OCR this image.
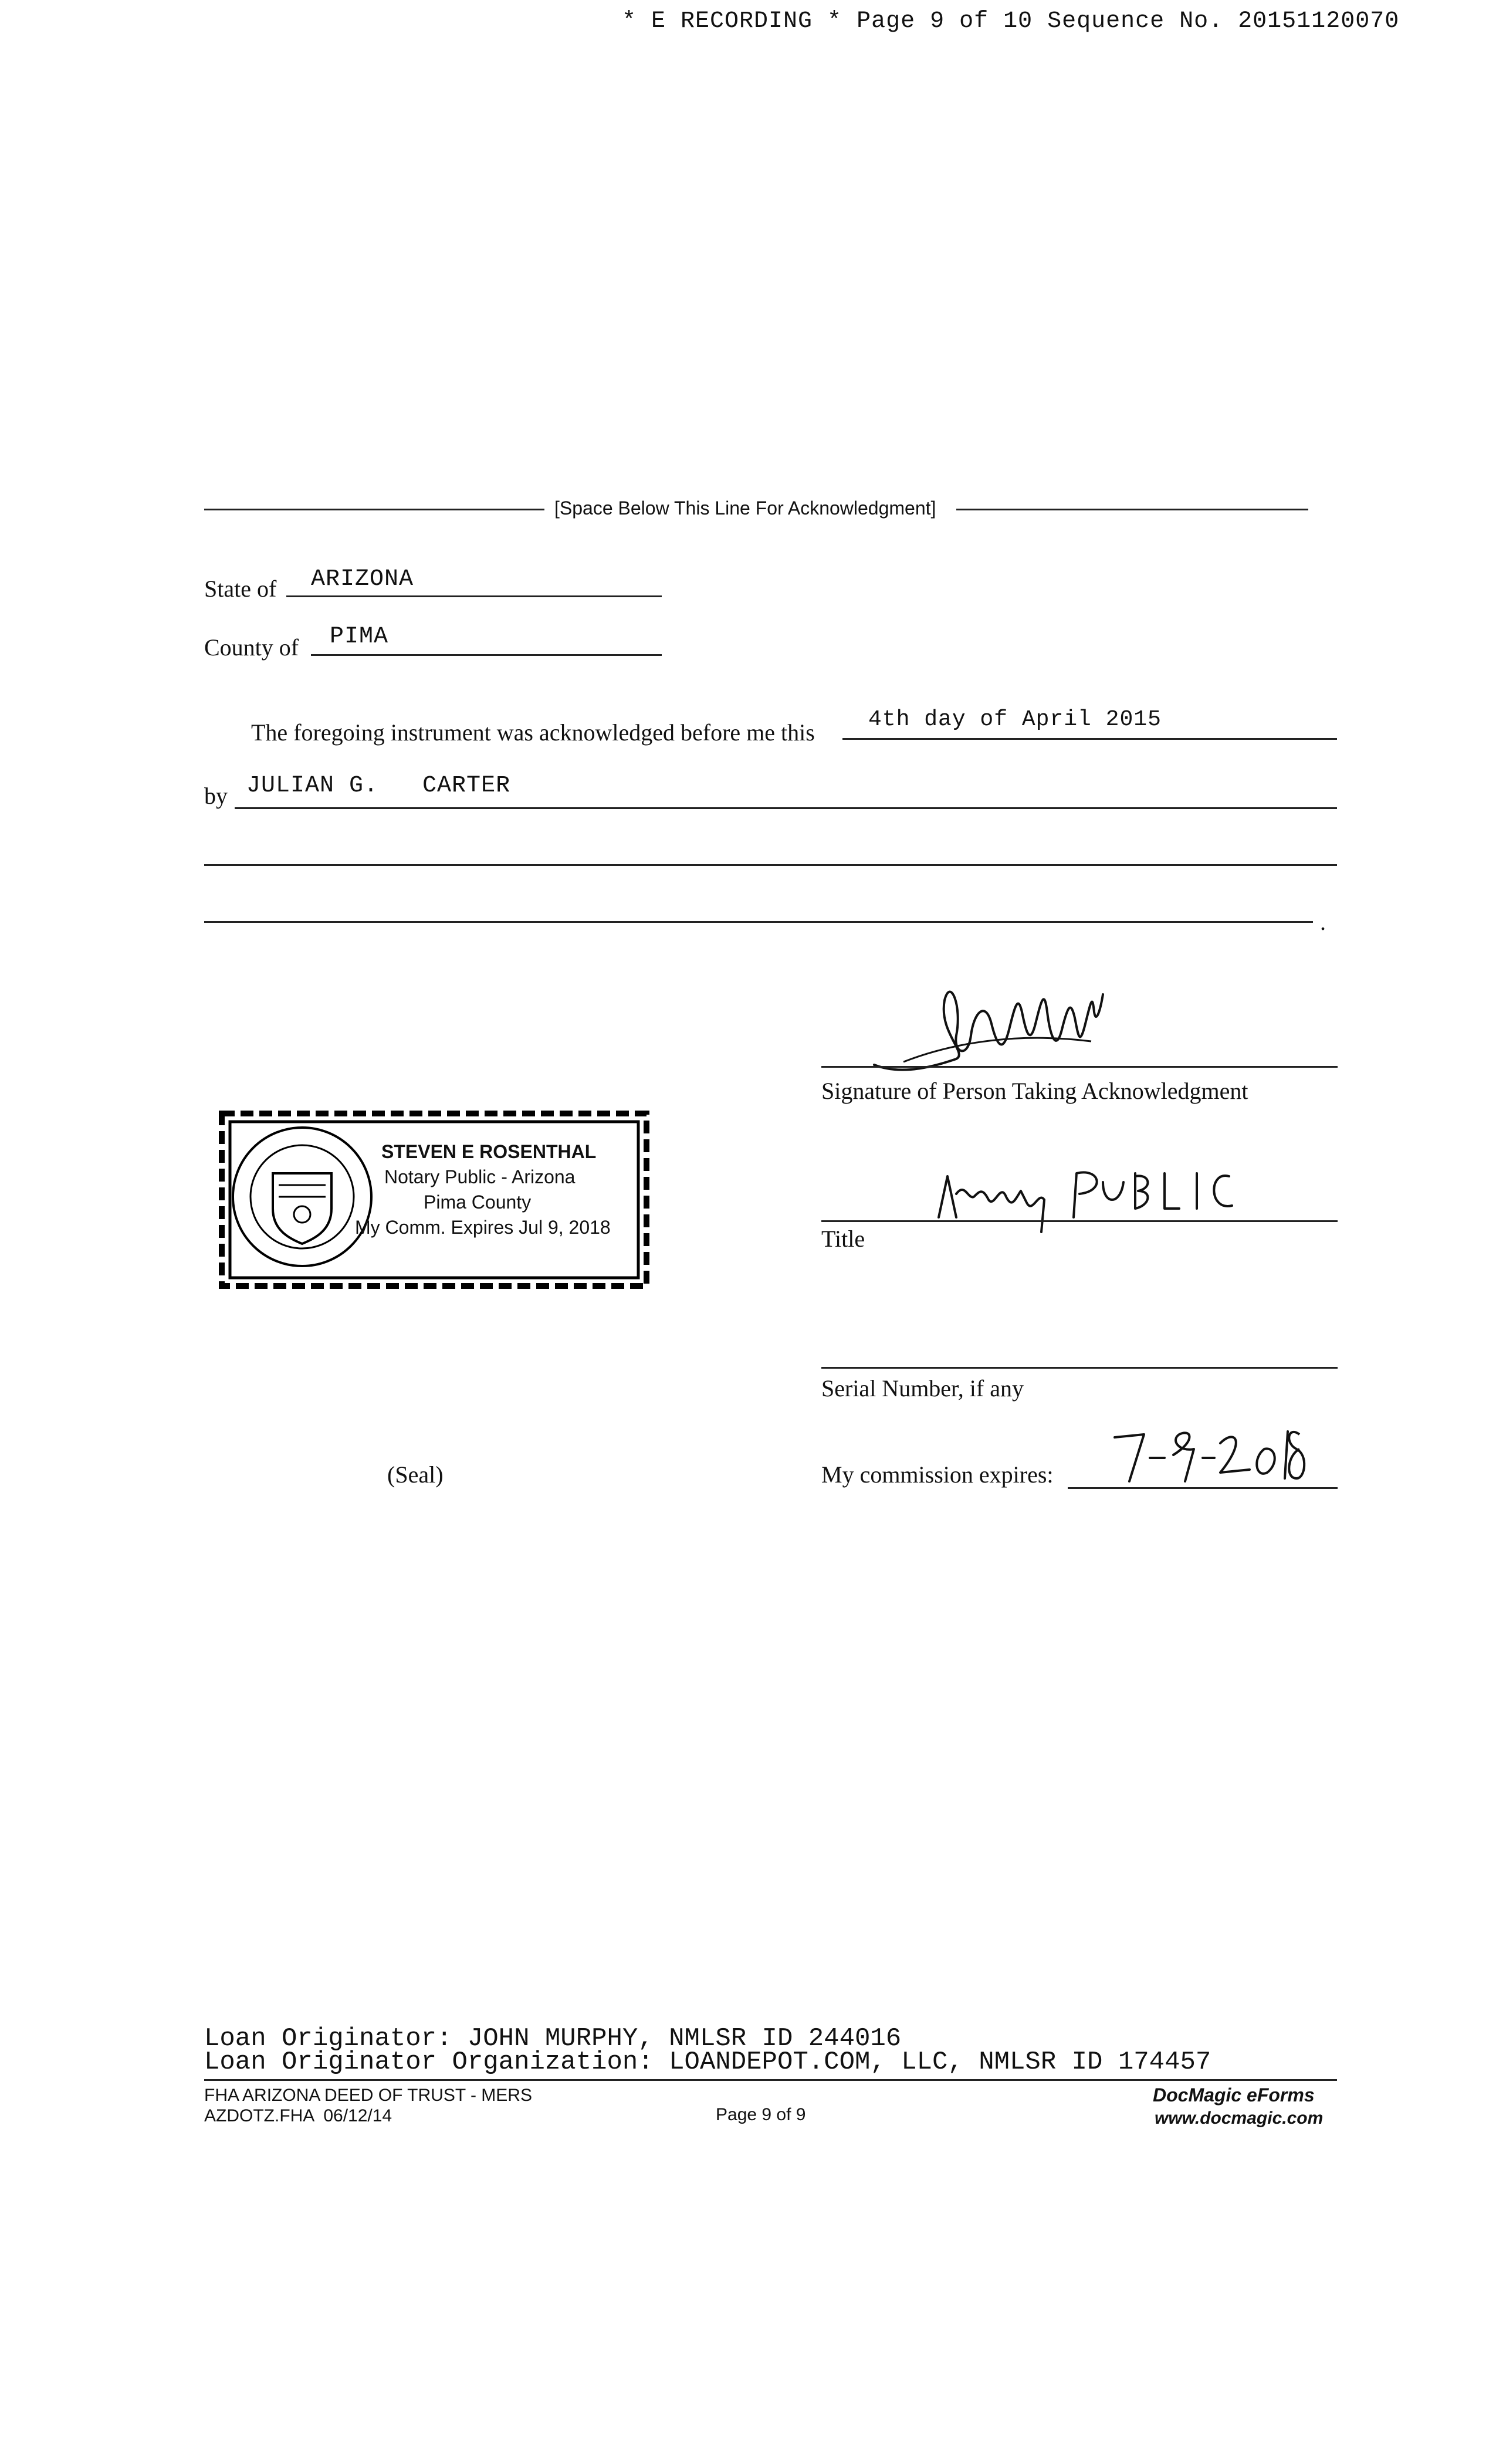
* E RECORDING * Page 9 of 10 Sequence No. 20151120070
[Space Below This Line For Acknowledgment]
State of ARIZONA
County of PIMA
The foregoing instrument was acknowledged before me this 4th day of April 2015
by JULIAN G.   CARTER
.
Signature of Person Taking Acknowledgment
STEVEN E ROSENTHAL
Notary Public - Arizona
Pima County
My Comm. Expires Jul 9, 2018	Title
Serial Number, if any
(Seal)	My commission expires:
Loan Originator: JOHN MURPHY, NMLSR ID 244016
Loan Originator Organization: LOANDEPOT.COM, LLC, NMLSR ID 174457
FHA ARIZONA DEED OF TRUST - MERS
AZDOTZ.FHA  06/12/14	Page 9 of 9
DocMagic eForms
www.docmagic.com
